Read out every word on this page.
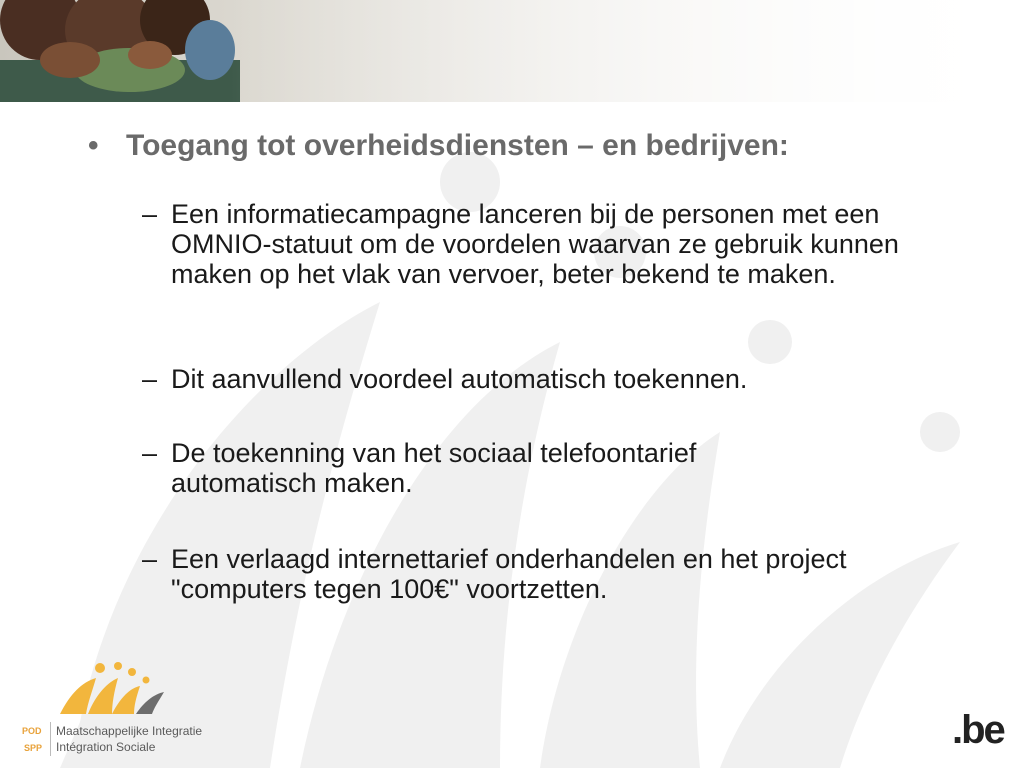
• Toegang tot overheidsdiensten – en bedrijven:
– Een informatiecampagne lanceren bij de personen met een OMNIO-statuut om de voordelen waarvan ze gebruik kunnen maken op het vlak van vervoer, beter bekend te maken.
– Dit aanvullend voordeel automatisch toekennen.
– De toekenning van het sociaal telefoontarief automatisch maken.
– Een verlaagd internettarief onderhandelen en het project "computers tegen 100€" voortzetten.
POD
SPP
Maatschappelijke Integratie
Intégration Sociale	.be
